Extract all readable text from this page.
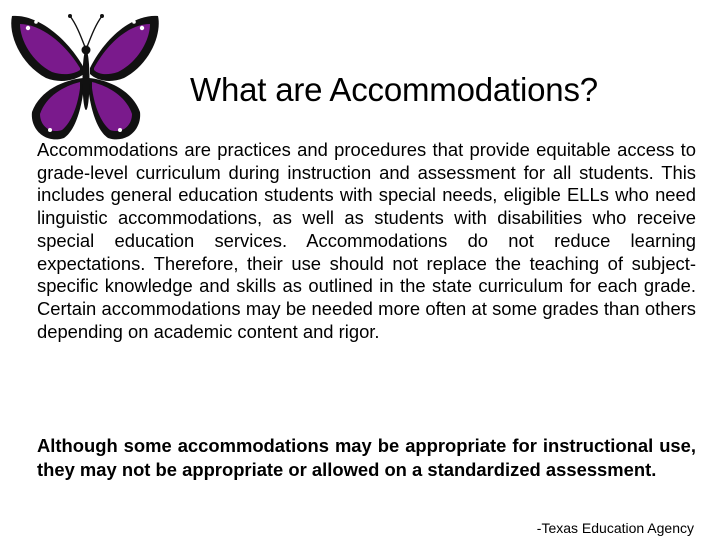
What are Accommodations?

Accommodations are practices and procedures that provide equitable access to grade-level curriculum during instruction and assessment for all students. This includes general education students with special needs, eligible ELLs who need linguistic accommodations, as well as students with disabilities who receive special education services. Accommodations do not reduce learning expectations. Therefore, their use should not replace the teaching of subject-specific knowledge and skills as outlined in the state curriculum for each grade. Certain accommodations may be needed more often at some grades than others depending on academic content and rigor.

Although some accommodations may be appropriate for instructional use, they may not be appropriate or allowed on a standardized assessment.

-Texas Education Agency
